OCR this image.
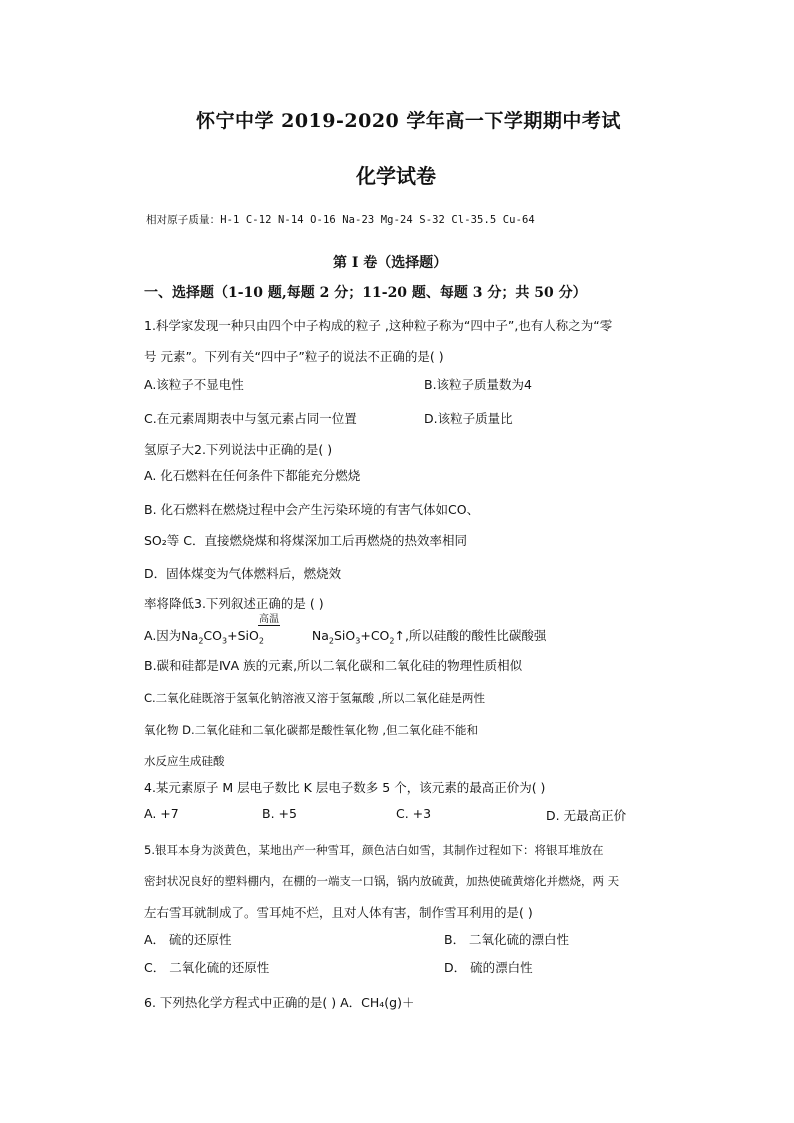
怀宁中学 2019-2020 学年高一下学期期中考试
化学试卷
相对原子质量：H-1 C-12 N-14 O-16 Na-23 Mg-24 S-32 Cl-35.5 Cu-64
第 I 卷（选择题）
一、选择题（1-10 题,每题 2 分；11-20 题、每题 3 分；共 50 分）
1.科学家发现一种只由四个中子构成的粒子 ,这种粒子称为“四中子”,也有人称之为“零
号 元素”。下列有关“四中子”粒子的说法不正确的是( )
A.该粒子不显电性	B.该粒子质量数为4
C.在元素周期表中与氢元素占同一位置	D.该粒子质量比
氢原子大2.下列说法中正确的是( )
A. 化石燃料在任何条件下都能充分燃烧
B. 化石燃料在燃烧过程中会产生污染环境的有害气体如CO、
SO₂等 C．直接燃烧煤和将煤深加工后再燃烧的热效率相同
D．固体煤变为气体燃料后，燃烧效
率将降低3.下列叙述正确的是 ( )
A.因为$Na_2CO_3+SiO_2$	$Na_2SiO_3+CO_2↑$,所以硅酸的酸性比碳酸强
高温
B.碳和硅都是ⅣA 族的元素,所以二氧化碳和二氧化硅的物理性质相似
C.二氧化硅既溶于氢氧化钠溶液又溶于氢氟酸 ,所以二氧化硅是两性
氧化物 D.二氧化硅和二氧化碳都是酸性氧化物 ,但二氧化硅不能和
水反应生成硅酸
4.某元素原子 M 层电子数比 K 层电子数多 5 个，该元素的最高正价为( )
A. +7	B. +5	C. +3	D. 无最高正价
5.银耳本身为淡黄色，某地出产一种雪耳，颜色洁白如雪，其制作过程如下：将银耳堆放在
密封状况良好的塑料棚内，在棚的一端支一口锅，锅内放硫黄，加热使硫黄熔化并燃烧，两 天
左右雪耳就制成了。雪耳炖不烂，且对人体有害，制作雪耳利用的是( )
A． 硫的还原性	B． 二氧化硫的漂白性
C． 二氧化硫的还原性	D． 硫的漂白性
6. 下列热化学方程式中正确的是( ) A．CH₄(g)＋
